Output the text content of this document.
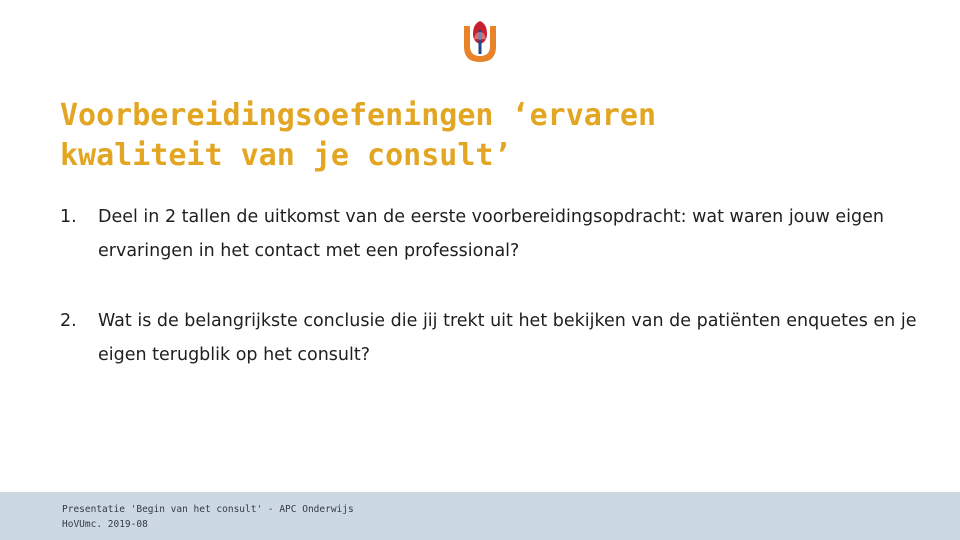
Voorbereidingsoefeningen ‘ervaren
kwaliteit van je consult’
1.	Deel in 2 tallen de uitkomst van de eerste voorbereidingsopdracht: wat waren jouw eigen ervaringen in het contact met een professional?
2.	Wat is de belangrijkste conclusie die jij trekt uit het bekijken van de patiënten enquetes en je eigen terugblik op het consult?
Presentatie 'Begin van het consult' - APC Onderwijs
HoVUmc. 2019-08
